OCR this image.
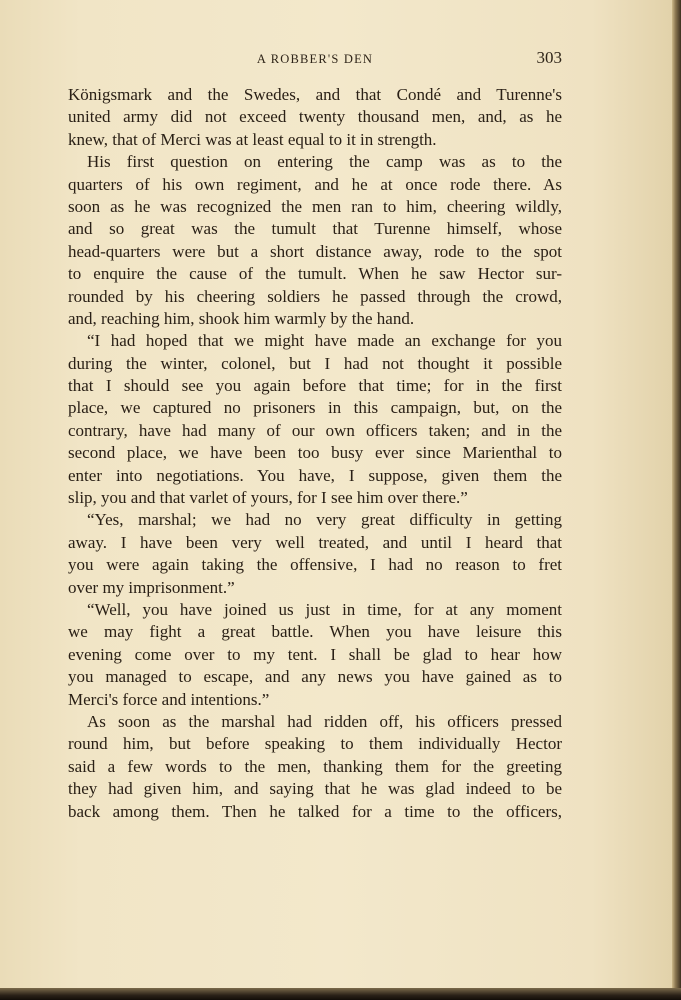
A ROBBER'S DEN	303
Königsmark and the Swedes, and that Condé and Turenne's
united army did not exceed twenty thousand men, and, as he
knew, that of Merci was at least equal to it in strength.
His first question on entering the camp was as to the
quarters of his own regiment, and he at once rode there. As
soon as he was recognized the men ran to him, cheering wildly,
and so great was the tumult that Turenne himself, whose
head-quarters were but a short distance away, rode to the spot
to enquire the cause of the tumult. When he saw Hector sur-
rounded by his cheering soldiers he passed through the crowd,
and, reaching him, shook him warmly by the hand.
“I had hoped that we might have made an exchange for you
during the winter, colonel, but I had not thought it possible
that I should see you again before that time; for in the first
place, we captured no prisoners in this campaign, but, on the
contrary, have had many of our own officers taken; and in the
second place, we have been too busy ever since Marienthal to
enter into negotiations. You have, I suppose, given them the
slip, you and that varlet of yours, for I see him over there.”
“Yes, marshal; we had no very great difficulty in getting
away. I have been very well treated, and until I heard that
you were again taking the offensive, I had no reason to fret
over my imprisonment.”
“Well, you have joined us just in time, for at any moment
we may fight a great battle. When you have leisure this
evening come over to my tent. I shall be glad to hear how
you managed to escape, and any news you have gained as to
Merci's force and intentions.”
As soon as the marshal had ridden off, his officers pressed
round him, but before speaking to them individually Hector
said a few words to the men, thanking them for the greeting
they had given him, and saying that he was glad indeed to be
back among them. Then he talked for a time to the officers,
